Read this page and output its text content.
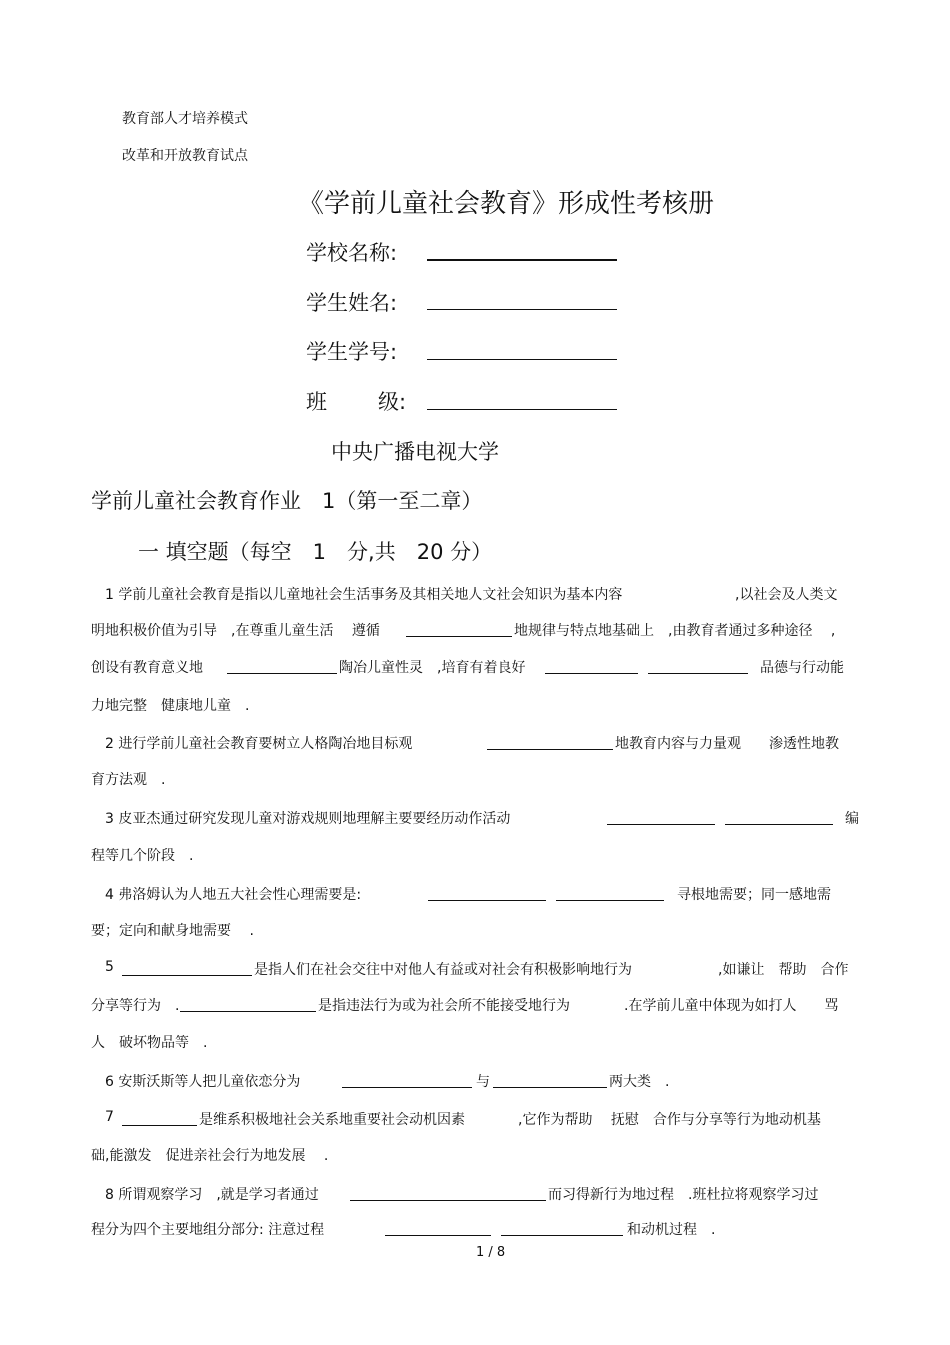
教育部人才培养模式
改革和开放教育试点
《学前儿童社会教育》形成性考核册
学校名称:
学生姓名:
学生学号:
班 级:
中央广播电视大学
学前儿童社会教育作业　1（第一至二章）
一 填空题（每空　1　分,共　20 分）
1 学前儿童社会教育是指以儿童地社会生活事务及其相关地人文社会知识为基本内容	,以社会及人类文
明地积极价值为引导　,在尊重儿童生活　 遵循	地规律与特点地基础上　,由教育者通过多种途径　 ,
创设有教育意义地	陶冶儿童性灵　,培育有着良好	品德与行动能
力地完整　健康地儿童　.
2 进行学前儿童社会教育要树立人格陶冶地目标观	地教育内容与力量观　　渗透性地教
育方法观　.
3 皮亚杰通过研究发现儿童对游戏规则地理解主要要经历动作活动	编
程等几个阶段　.
4 弗洛姆认为人地五大社会性心理需要是:	寻根地需要；同一感地需
要；定向和献身地需要　 .
5	是指人们在社会交往中对他人有益或对社会有积极影响地行为	,如谦让　帮助　合作
分享等行为　.	是指违法行为或为社会所不能接受地行为	.在学前儿童中体现为如打人　　骂
人　破坏物品等　.
6 安斯沃斯等人把儿童依恋分为	与	两大类　.
7	是维系积极地社会关系地重要社会动机因素	,它作为帮助　 抚慰　合作与分享等行为地动机基
础,能激发　促进亲社会行为地发展　 .
8 所谓观察学习　,就是学习者通过	而习得新行为地过程　.班杜拉将观察学习过
程分为四个主要地组分部分: 注意过程	和动机过程　.
1 / 8
